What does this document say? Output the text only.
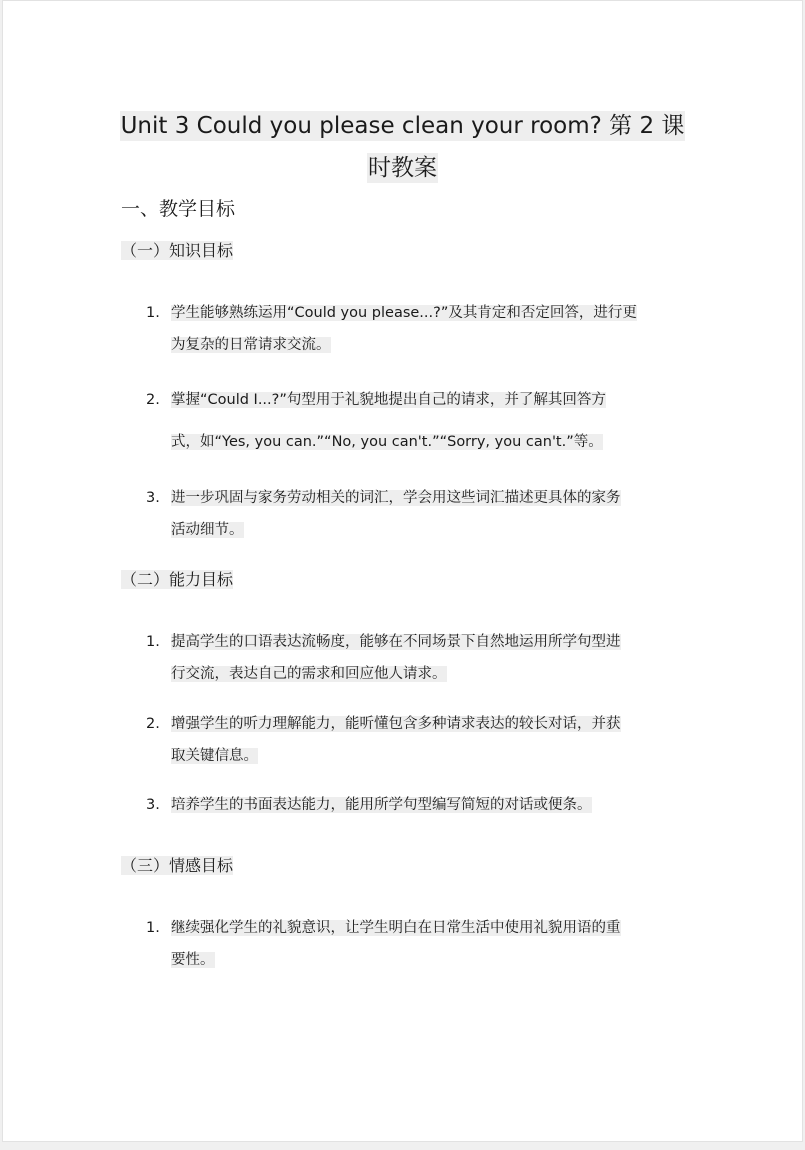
Unit 3 Could you please clean your room? 第 2 课
时教案
一、教学目标
（一）知识目标
1. 学生能够熟练运用“Could you please...?”及其肯定和否定回答，进行更
为复杂的日常请求交流。
2. 掌握“Could I...?”句型用于礼貌地提出自己的请求，并了解其回答方
式，如“Yes, you can.”“No, you can't.”“Sorry, you can't.”等。
3. 进一步巩固与家务劳动相关的词汇，学会用这些词汇描述更具体的家务
活动细节。
（二）能力目标
1. 提高学生的口语表达流畅度，能够在不同场景下自然地运用所学句型进
行交流，表达自己的需求和回应他人请求。
2. 增强学生的听力理解能力，能听懂包含多种请求表达的较长对话，并获
取关键信息。
3. 培养学生的书面表达能力，能用所学句型编写简短的对话或便条。
（三）情感目标
1. 继续强化学生的礼貌意识，让学生明白在日常生活中使用礼貌用语的重
要性。
